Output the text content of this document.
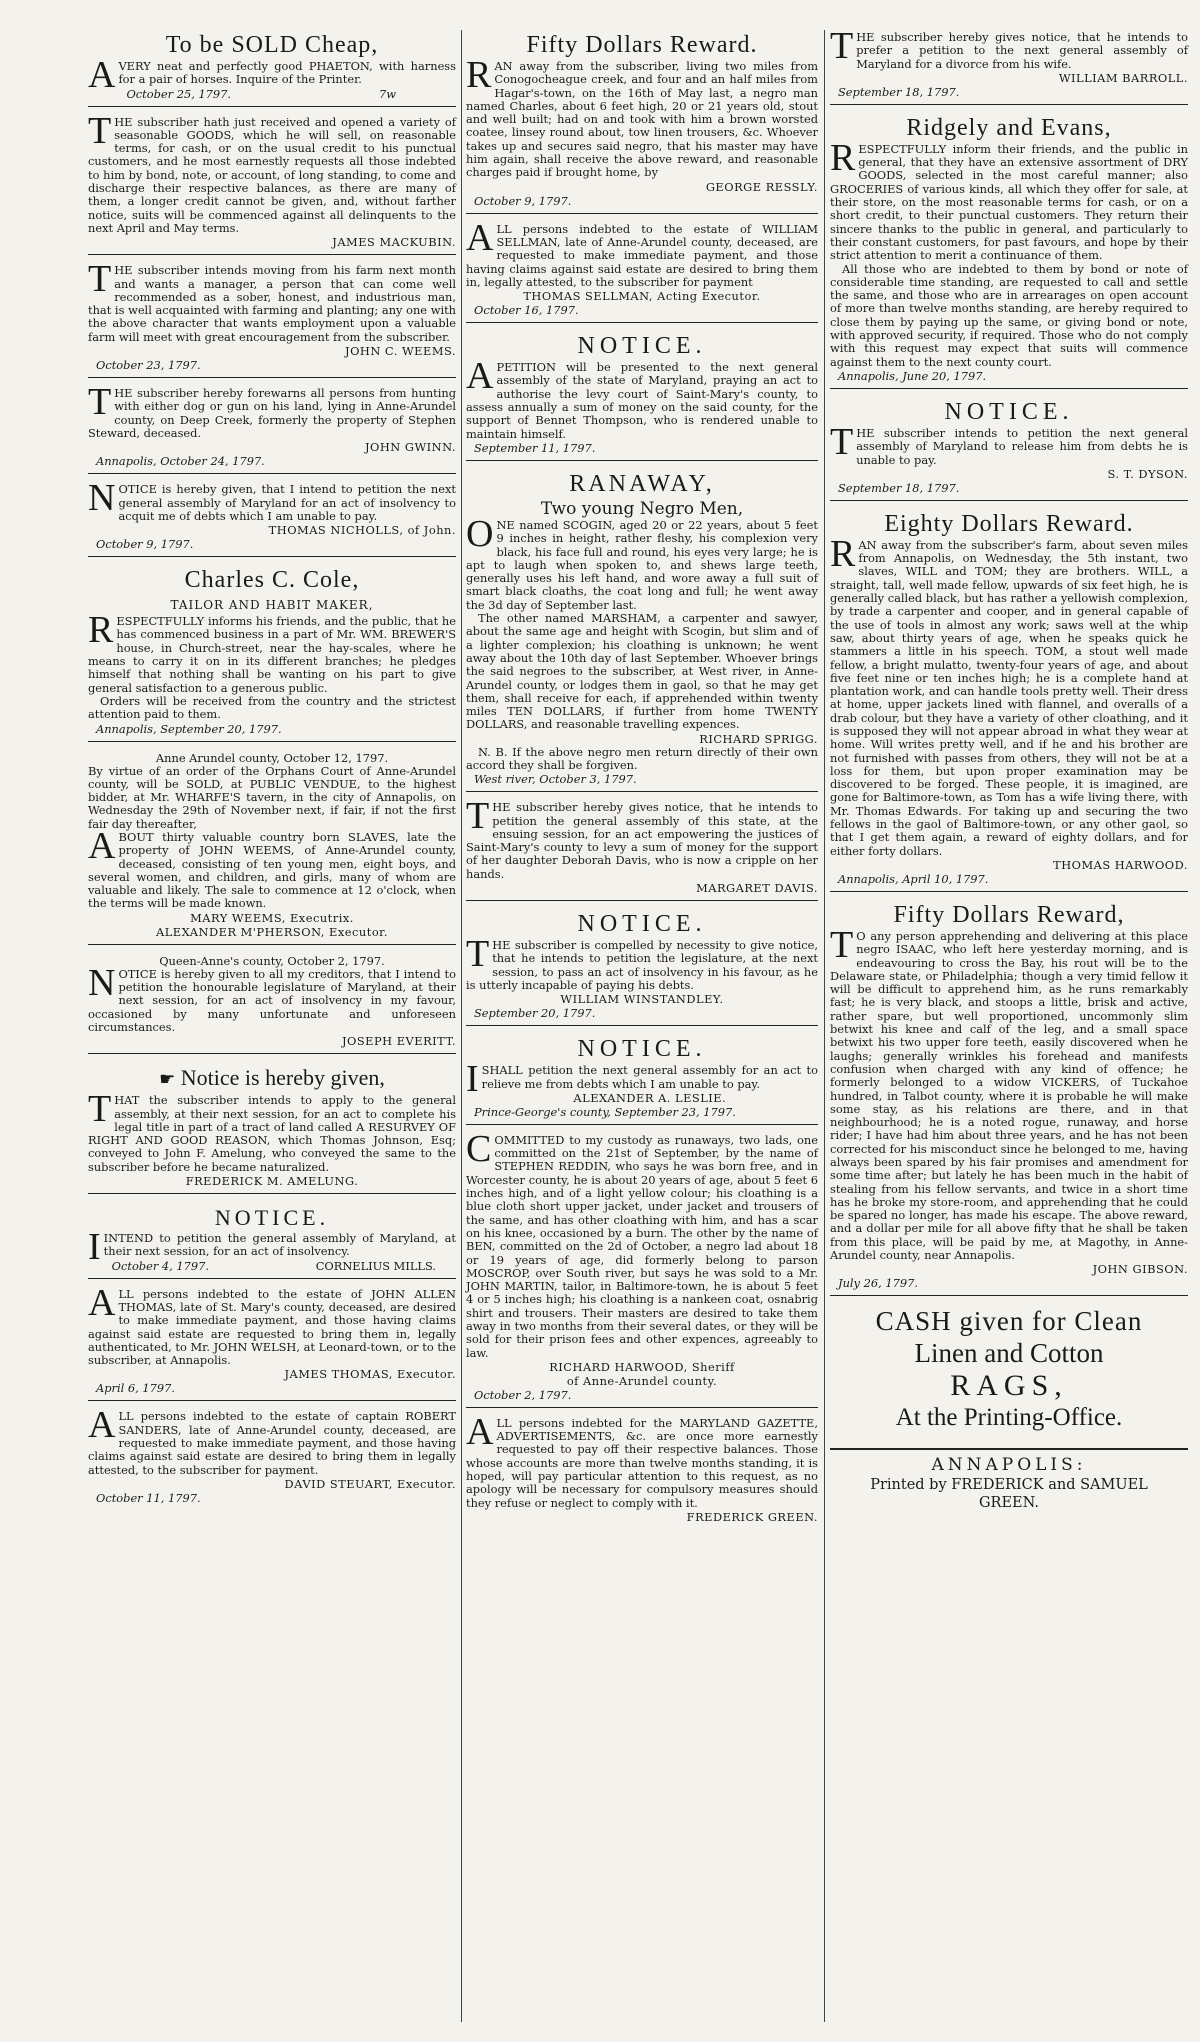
To be SOLD Cheap,

AVERY neat and perfectly good PHAETON, with harness for a pair of horses. Inquire of the Printer.

October 25, 1797.	7w

THE subscriber hath just received and opened a variety of seasonable GOODS, which he will sell, on reasonable terms, for cash, or on the usual credit to his punctual customers, and he most earnestly requests all those indebted to him by bond, note, or account, of long standing, to come and discharge their respective balances, as there are many of them, a longer credit cannot be given, and, without farther notice, suits will be commenced against all delinquents to the next April and May terms.

JAMES MACKUBIN.

THE subscriber intends moving from his farm next month and wants a manager, a person that can come well recommended as a sober, honest, and industrious man, that is well acquainted with farming and planting; any one with the above character that wants employment upon a valuable farm will meet with great encouragement from the subscriber.

JOHN C. WEEMS.
October 23, 1797.

THE subscriber hereby forewarns all persons from hunting with either dog or gun on his land, lying in Anne-Arundel county, on Deep Creek, formerly the property of Stephen Steward, deceased.

JOHN GWINN.
Annapolis, October 24, 1797.

NOTICE is hereby given, that I intend to petition the next general assembly of Maryland for an act of insolvency to acquit me of debts which I am unable to pay.

THOMAS NICHOLLS, of John.
October 9, 1797.
Charles C. Cole,
TAILOR AND HABIT MAKER,

RESPECTFULLY informs his friends, and the public, that he has commenced business in a part of Mr. WM. BREWER'S house, in Church-street, near the hay-scales, where he means to carry it on in its different branches; he pledges himself that nothing shall be wanting on his part to give general satisfaction to a generous public.

Orders will be received from the country and the strictest attention paid to them.

Annapolis, September 20, 1797.
Anne Arundel county, October 12, 1797.

By virtue of an order of the Orphans Court of Anne-Arundel county, will be SOLD, at PUBLIC VENDUE, to the highest bidder, at Mr. WHARFE'S tavern, in the city of Annapolis, on Wednesday the 29th of November next, if fair, if not the first fair day thereafter,

ABOUT thirty valuable country born SLAVES, late the property of JOHN WEEMS, of Anne-Arundel county, deceased, consisting of ten young men, eight boys, and several women, and children, and girls, many of whom are valuable and likely. The sale to commence at 12 o'clock, when the terms will be made known.

MARY WEEMS, Executrix.
ALEXANDER M'PHERSON, Executor.
Queen-Anne's county, October 2, 1797.

NOTICE is hereby given to all my creditors, that I intend to petition the honourable legislature of Maryland, at their next session, for an act of insolvency in my favour, occasioned by many unfortunate and unforeseen circumstances.

JOSEPH EVERITT.
☛ Notice is hereby given,

THAT the subscriber intends to apply to the general assembly, at their next session, for an act to complete his legal title in part of a tract of land called A RESURVEY OF RIGHT AND GOOD REASON, which Thomas Johnson, Esq; conveyed to John F. Amelung, who conveyed the same to the subscriber before he became naturalized.

FREDERICK M. AMELUNG.
NOTICE.

IINTEND to petition the general assembly of Maryland, at their next session, for an act of insolvency.

October 4, 1797.	CORNELIUS MILLS.

ALL persons indebted to the estate of JOHN ALLEN THOMAS, late of St. Mary's county, deceased, are desired to make immediate payment, and those having claims against said estate are requested to bring them in, legally authenticated, to Mr. JOHN WELSH, at Leonard-town, or to the subscriber, at Annapolis.

JAMES THOMAS, Executor.
April 6, 1797.

ALL persons indebted to the estate of captain ROBERT SANDERS, late of Anne-Arundel county, deceased, are requested to make immediate payment, and those having claims against said estate are desired to bring them in legally attested, to the subscriber for payment.

DAVID STEUART, Executor.
October 11, 1797.
Fifty Dollars Reward.

RAN away from the subscriber, living two miles from Conogocheague creek, and four and an half miles from Hagar's-town, on the 16th of May last, a negro man named Charles, about 6 feet high, 20 or 21 years old, stout and well built; had on and took with him a brown worsted coatee, linsey round about, tow linen trousers, &c. Whoever takes up and secures said negro, that his master may have him again, shall receive the above reward, and reasonable charges paid if brought home, by

GEORGE RESSLY.
October 9, 1797.

ALL persons indebted to the estate of WILLIAM SELLMAN, late of Anne-Arundel county, deceased, are requested to make immediate payment, and those having claims against said estate are desired to bring them in, legally attested, to the subscriber for payment

THOMAS SELLMAN, Acting Executor.
October 16, 1797.
NOTICE.

APETITION will be presented to the next general assembly of the state of Maryland, praying an act to authorise the levy court of Saint-Mary's county, to assess annually a sum of money on the said county, for the support of Bennet Thompson, who is rendered unable to maintain himself.

September 11, 1797.
RANAWAY,
Two young Negro Men,

ONE named SCOGIN, aged 20 or 22 years, about 5 feet 9 inches in height, rather fleshy, his complexion very black, his face full and round, his eyes very large; he is apt to laugh when spoken to, and shews large teeth, generally uses his left hand, and wore away a full suit of smart black cloaths, the coat long and full; he went away the 3d day of September last.

The other named MARSHAM, a carpenter and sawyer, about the same age and height with Scogin, but slim and of a lighter complexion; his cloathing is unknown; he went away about the 10th day of last September. Whoever brings the said negroes to the subscriber, at West river, in Anne-Arundel county, or lodges them in gaol, so that he may get them, shall receive for each, if apprehended within twenty miles TEN DOLLARS, if further from home TWENTY DOLLARS, and reasonable travelling expences.

RICHARD SPRIGG.

N. B. If the above negro men return directly of their own accord they shall be forgiven.

West river, October 3, 1797.

THE subscriber hereby gives notice, that he intends to petition the general assembly of this state, at the ensuing session, for an act empowering the justices of Saint-Mary's county to levy a sum of money for the support of her daughter Deborah Davis, who is now a cripple on her hands.

MARGARET DAVIS.
NOTICE.

THE subscriber is compelled by necessity to give notice, that he intends to petition the legislature, at the next session, to pass an act of insolvency in his favour, as he is utterly incapable of paying his debts.

WILLIAM WINSTANDLEY.
September 20, 1797.
NOTICE.

ISHALL petition the next general assembly for an act to relieve me from debts which I am unable to pay.

ALEXANDER A. LESLIE.
Prince-George's county, September 23, 1797.

COMMITTED to my custody as runaways, two lads, one committed on the 21st of September, by the name of STEPHEN REDDIN, who says he was born free, and in Worcester county, he is about 20 years of age, about 5 feet 6 inches high, and of a light yellow colour; his cloathing is a blue cloth short upper jacket, under jacket and trousers of the same, and has other cloathing with him, and has a scar on his knee, occasioned by a burn. The other by the name of BEN, committed on the 2d of October, a negro lad about 18 or 19 years of age, did formerly belong to parson MOSCROP, over South river, but says he was sold to a Mr. JOHN MARTIN, tailor, in Baltimore-town, he is about 5 feet 4 or 5 inches high; his cloathing is a nankeen coat, osnabrig shirt and trousers. Their masters are desired to take them away in two months from their several dates, or they will be sold for their prison fees and other expences, agreeably to law.

RICHARD HARWOOD, Sheriff
of Anne-Arundel county.
October 2, 1797.

ALL persons indebted for the MARYLAND GAZETTE, ADVERTISEMENTS, &c. are once more earnestly requested to pay off their respective balances. Those whose accounts are more than twelve months standing, it is hoped, will pay particular attention to this request, as no apology will be necessary for compulsory measures should they refuse or neglect to comply with it.

FREDERICK GREEN.

THE subscriber hereby gives notice, that he intends to prefer a petition to the next general assembly of Maryland for a divorce from his wife.

WILLIAM BARROLL.
September 18, 1797.
Ridgely and Evans,

RESPECTFULLY inform their friends, and the public in general, that they have an extensive assortment of DRY GOODS, selected in the most careful manner; also GROCERIES of various kinds, all which they offer for sale, at their store, on the most reasonable terms for cash, or on a short credit, to their punctual customers. They return their sincere thanks to the public in general, and particularly to their constant customers, for past favours, and hope by their strict attention to merit a continuance of them.

All those who are indebted to them by bond or note of considerable time standing, are requested to call and settle the same, and those who are in arrearages on open account of more than twelve months standing, are hereby required to close them by paying up the same, or giving bond or note, with approved security, if required. Those who do not comply with this request may expect that suits will commence against them to the next county court.

Annapolis, June 20, 1797.
NOTICE.

THE subscriber intends to petition the next general assembly of Maryland to release him from debts he is unable to pay.

S. T. DYSON.
September 18, 1797.
Eighty Dollars Reward.

RAN away from the subscriber's farm, about seven miles from Annapolis, on Wednesday, the 5th instant, two slaves, WILL and TOM; they are brothers. WILL, a straight, tall, well made fellow, upwards of six feet high, he is generally called black, but has rather a yellowish complexion, by trade a carpenter and cooper, and in general capable of the use of tools in almost any work; saws well at the whip saw, about thirty years of age, when he speaks quick he stammers a little in his speech. TOM, a stout well made fellow, a bright mulatto, twenty-four years of age, and about five feet nine or ten inches high; he is a complete hand at plantation work, and can handle tools pretty well. Their dress at home, upper jackets lined with flannel, and overalls of a drab colour, but they have a variety of other cloathing, and it is supposed they will not appear abroad in what they wear at home. Will writes pretty well, and if he and his brother are not furnished with passes from others, they will not be at a loss for them, but upon proper examination may be discovered to be forged. These people, it is imagined, are gone for Baltimore-town, as Tom has a wife living there, with Mr. Thomas Edwards. For taking up and securing the two fellows in the gaol of Baltimore-town, or any other gaol, so that I get them again, a reward of eighty dollars, and for either forty dollars.

THOMAS HARWOOD.
Annapolis, April 10, 1797.
Fifty Dollars Reward,

TO any person apprehending and delivering at this place negro ISAAC, who left here yesterday morning, and is endeavouring to cross the Bay, his rout will be to the Delaware state, or Philadelphia; though a very timid fellow it will be difficult to apprehend him, as he runs remarkably fast; he is very black, and stoops a little, brisk and active, rather spare, but well proportioned, uncommonly slim betwixt his knee and calf of the leg, and a small space betwixt his two upper fore teeth, easily discovered when he laughs; generally wrinkles his forehead and manifests confusion when charged with any kind of offence; he formerly belonged to a widow VICKERS, of Tuckahoe hundred, in Talbot county, where it is probable he will make some stay, as his relations are there, and in that neighbourhood; he is a noted rogue, runaway, and horse rider; I have had him about three years, and he has not been corrected for his misconduct since he belonged to me, having always been spared by his fair promises and amendment for some time after; but lately he has been much in the habit of stealing from his fellow servants, and twice in a short time has he broke my store-room, and apprehending that he could be spared no longer, has made his escape. The above reward, and a dollar per mile for all above fifty that he shall be taken from this place, will be paid by me, at Magothy, in Anne-Arundel county, near Annapolis.

JOHN GIBSON.
July 26, 1797.
CASH given for Clean
Linen and Cotton
RAGS,
At the Printing-Office.
ANNAPOLIS:
Printed by FREDERICK and SAMUEL
GREEN.
